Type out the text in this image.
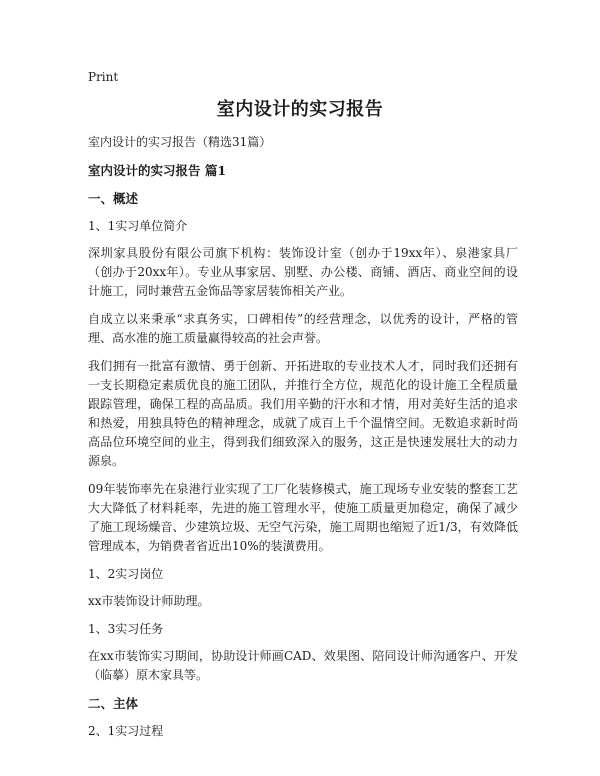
Print
室内设计的实习报告

室内设计的实习报告（精选31篇）

室内设计的实习报告 篇1

一、概述

1、1实习单位简介

深圳家具股份有限公司旗下机构：装饰设计室（创办于19xx年）、泉港家具厂（创办于20xx年）。专业从事家居、别墅、办公楼、商铺、酒店、商业空间的设计施工，同时兼营五金饰品等家居装饰相关产业。

自成立以来秉承“求真务实，口碑相传”的经营理念，以优秀的设计，严格的管理、高水准的施工质量赢得较高的社会声誉。

我们拥有一批富有激情、勇于创新、开拓进取的专业技术人才，同时我们还拥有一支长期稳定素质优良的施工团队，并推行全方位，规范化的设计施工全程质量跟踪管理，确保工程的高品质。我们用辛勤的汗水和才情，用对美好生活的追求和热爱，用独具特色的精神理念，成就了成百上千个温情空间。无数追求新时尚高品位环境空间的业主，得到我们细致深入的服务，这正是快速发展壮大的动力源泉。

09年装饰率先在泉港行业实现了工厂化装修模式，施工现场专业安装的整套工艺大大降低了材料耗率，先进的施工管理水平，使施工质量更加稳定，确保了减少了施工现场燥音、少建筑垃圾、无空气污染，施工周期也缩短了近1/3，有效降低管理成本，为销费者省近出10%的装潢费用。

1、2实习岗位

xx市装饰设计师助理。

1、3实习任务

在xx市装饰实习期间，协助设计师画CAD、效果图、陪同设计师沟通客户、开发（临摹）原木家具等。

二、主体

2、1实习过程
